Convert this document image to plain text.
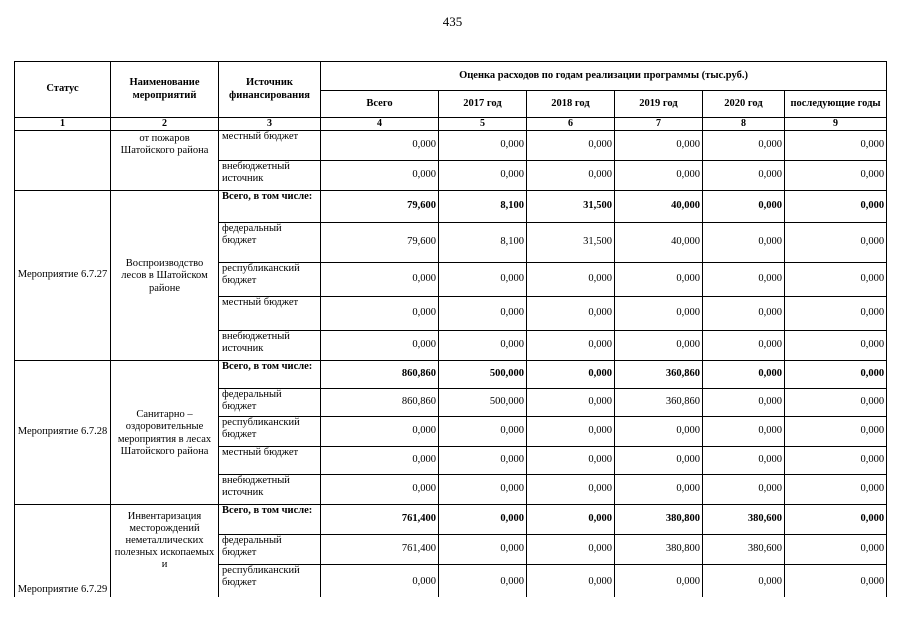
435
Статус	Наименование мероприятий	Источник финансирования	Оценка расходов по годам реализации программы (тыс.руб.)					
			Всего	2017 год	2018 год	2019 год	2020 год	последующие годы
1	2	3	4	5	6	7	8	9
	от пожаров Шатойского района	местный бюджет	0,000	0,000	0,000	0,000	0,000	0,000
		внебюджетный источник	0,000	0,000	0,000	0,000	0,000	0,000
Мероприятие 6.7.27	Воспроизводство лесов в Шатойском районе	Всего, в том числе:	79,600	8,100	31,500	40,000	0,000	0,000
		федеральный бюджет	79,600	8,100	31,500	40,000	0,000	0,000
		республиканский бюджет	0,000	0,000	0,000	0,000	0,000	0,000
		местный бюджет	0,000	0,000	0,000	0,000	0,000	0,000
		внебюджетный источник	0,000	0,000	0,000	0,000	0,000	0,000
Мероприятие 6.7.28	Санитарно – оздоровительные мероприятия в лесах Шатойского района	Всего, в том числе:	860,860	500,000	0,000	360,860	0,000	0,000
		федеральный бюджет	860,860	500,000	0,000	360,860	0,000	0,000
		республиканский бюджет	0,000	0,000	0,000	0,000	0,000	0,000
		местный бюджет	0,000	0,000	0,000	0,000	0,000	0,000
		внебюджетный источник	0,000	0,000	0,000	0,000	0,000	0,000
Мероприятие 6.7.29	Инвентаризация месторождений неметаллических полезных ископаемых и	Всего, в том числе:	761,400	0,000	0,000	380,800	380,600	0,000
		федеральный бюджет	761,400	0,000	0,000	380,800	380,600	0,000
		республиканский бюджет	0,000	0,000	0,000	0,000	0,000	0,000
